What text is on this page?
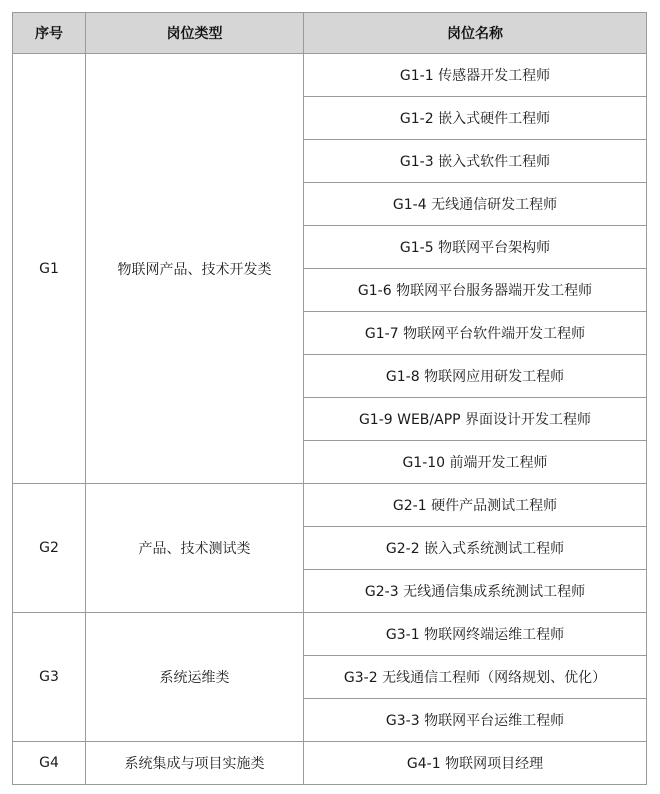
序号	岗位类型	岗位名称
G1	物联网产品、技术开发类	G1-1 传感器开发工程师
		G1-2 嵌入式硬件工程师
		G1-3 嵌入式软件工程师
		G1-4 无线通信研发工程师
		G1-5 物联网平台架构师
		G1-6 物联网平台服务器端开发工程师
		G1-7 物联网平台软件端开发工程师
		G1-8 物联网应用研发工程师
		G1-9 WEB/APP 界面设计开发工程师
		G1-10 前端开发工程师
G2	产品、技术测试类	G2-1 硬件产品测试工程师
		G2-2 嵌入式系统测试工程师
		G2-3 无线通信集成系统测试工程师
G3	系统运维类	G3-1 物联网终端运维工程师
		G3-2 无线通信工程师（网络规划、优化）
		G3-3 物联网平台运维工程师
G4	系统集成与项目实施类	G4-1 物联网项目经理
